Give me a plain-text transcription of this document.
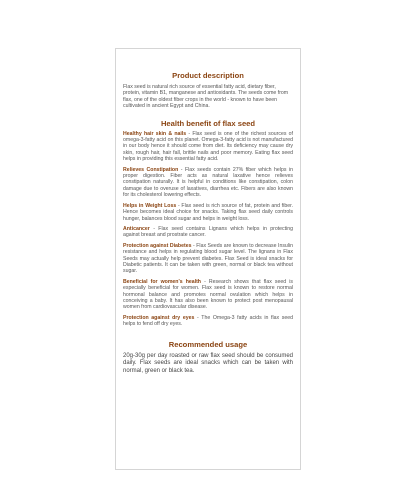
Product description

Flax seed is natural rich source of essential fatty acid, dietary fiber, protein, vitamin B1, manganese and antioxidants. The seeds come from flax, one of the oldest fiber crops in the world - known to have been cultivated in ancient Egypt and China.

Health benefit of flax seed

Healthy hair skin & nails - Flax seed is one of the richest sources of omega-3-fatty acid on this planet. Omega-3-fatty acid is not manufactured in our body hence it should come from diet. Its deficiency may cause dry skin, rough hair, hair fall, brittle nails and poor memory. Eating flax seed helps in providing this essential fatty acid.

Relieves Constipation - Flax seeds contain 27% fiber which helps in proper digestion. Fiber acts as natural laxative hence relieves constipation naturally. It is helpful in conditions like constipation, colon damage due to overuse of laxatives, diarrhea etc. Fibers are also known for its cholesterol lowering effects.

Helps in Weight Loss - Flax seed is rich source of fat, protein and fiber. Hence becomes ideal choice for snacks. Taking flax seed daily controls hunger, balances blood sugar and helps in weight loss.

Anticancer - Flax seed contains Lignans which helps in protecting against breast and prostrate cancer.

Protection against Diabetes - Flax Seeds are known to decrease Insulin resistance and helps in regulating blood sugar level. The lignans in Flax Seeds may actually help prevent diabetes. Flax Seed is ideal snacks for Diabetic patients. It can be taken with green, normal or black tea without sugar.

Beneficial for women's health - Research shows that flax seed is especially beneficial for women. Flax seed is known to restore normal hormonal balance and promotes normal ovulation which helps in conceiving a baby. It has also been known to protect post menopausal women from cardiovascular disease.

Protection against dry eyes - The Omega-3 fatty acids in flax seed helps to fend off dry eyes.

Recommended usage

20g-30g per day roasted or raw flax seed should be consumed daily. Flax seeds are ideal snacks which can be taken with normal, green or black tea.
